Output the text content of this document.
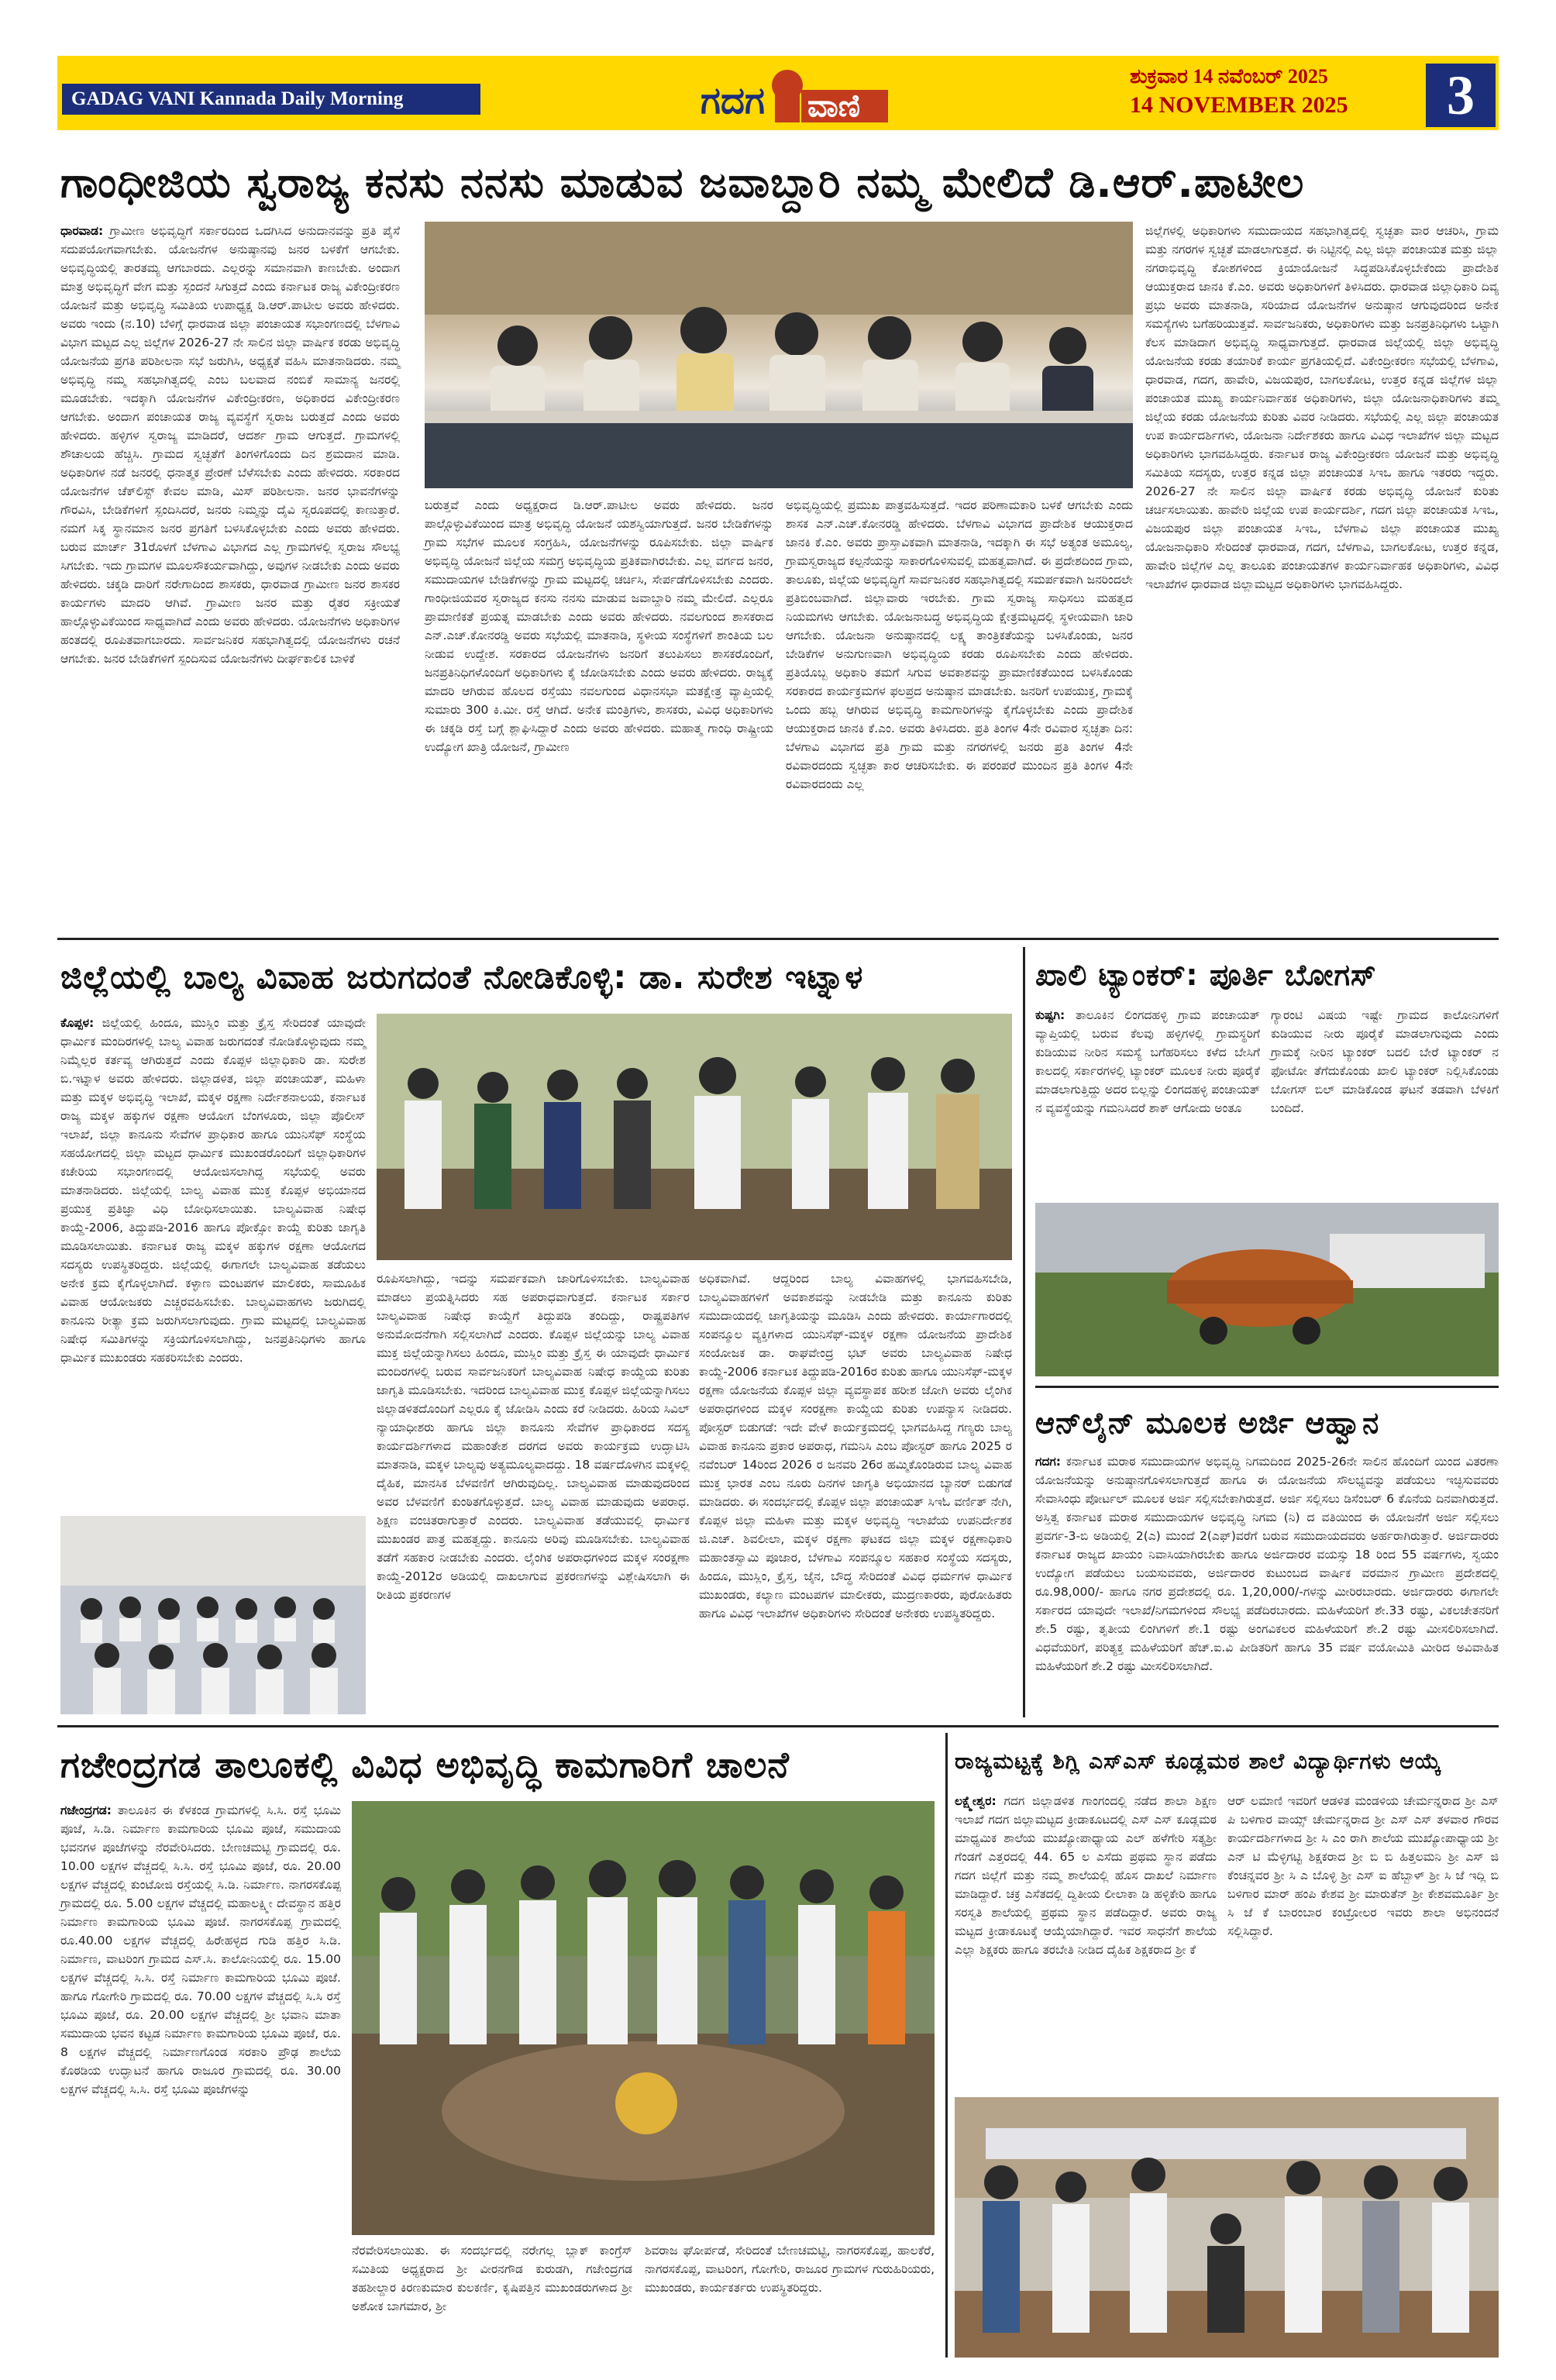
GADAG VANI Kannada Daily Morning	ಗದಗ ವಾಣಿ
ಶುಕ್ರವಾರ 14 ನವೆಂಬರ್ 2025
14 NOVEMBER 2025	3
ಗಾಂಧೀಜಿಯ ಸ್ವರಾಜ್ಯ ಕನಸು ನನಸು ಮಾಡುವ ಜವಾಬ್ದಾರಿ ನಮ್ಮ ಮೇಲಿದೆ ಡಿ.ಆರ್.ಪಾಟೀಲ
ಧಾರವಾಡ: ಗ್ರಾಮೀಣ ಅಭಿವೃದ್ಧಿಗೆ ಸರ್ಕಾರದಿಂದ ಒದಗಿಸಿದ ಅನುದಾನವನ್ನು ಪ್ರತಿ ಪೈಸೆ ಸದುಪಯೋಗವಾಗಬೇಕು. ಯೋಜನೆಗಳ ಅನುಷ್ಠಾನವು ಜನರ ಬಳಕೆಗೆ ಆಗಬೇಕು. ಅಭಿವೃದ್ಧಿಯಲ್ಲಿ ತಾರತಮ್ಯ ಆಗಬಾರದು. ಎಲ್ಲರನ್ನು ಸಮಾನವಾಗಿ ಕಾಣಬೇಕು. ಅಂದಾಗ ಮಾತ್ರ ಅಭಿವೃದ್ಧಿಗೆ ವೇಗ ಮತ್ತು ಸ್ಪಂದನೆ ಸಿಗುತ್ತದೆ ಎಂದು ಕರ್ನಾಟಕ ರಾಜ್ಯ ವಿಕೇಂದ್ರೀಕರಣ ಯೋಜನೆ ಮತ್ತು ಅಭಿವೃದ್ಧಿ ಸಮಿತಿಯ ಉಪಾಧ್ಯಕ್ಷ ಡಿ.ಆರ್.ಪಾಟೀಲ ಅವರು ಹೇಳಿದರು. ಅವರು ಇಂದು (ನ.10) ಬೆಳಿಗ್ಗೆ ಧಾರವಾಡ ಜಿಲ್ಲಾ ಪಂಚಾಯತ ಸಭಾಂಗಣದಲ್ಲಿ ಬೆಳಗಾವಿ ವಿಭಾಗ ಮಟ್ಟದ ಎಲ್ಲ ಜಿಲ್ಲೆಗಳ 2026-27 ನೇ ಸಾಲಿನ ಜಿಲ್ಲಾ ವಾರ್ಷಿಕ ಕರಡು ಅಭಿವೃದ್ಧಿ ಯೋಜನೆಯ ಪ್ರಗತಿ ಪರಿಶೀಲನಾ ಸಭೆ ಜರುಗಿಸಿ, ಅಧ್ಯಕ್ಷತೆ ವಹಿಸಿ ಮಾತನಾಡಿದರು. ನಮ್ಮ ಅಭಿವೃದ್ಧಿ ನಮ್ಮ ಸಹಭಾಗಿತ್ವದಲ್ಲಿ ಎಂಬ ಬಲವಾದ ನಂಬಿಕೆ ಸಾಮಾನ್ಯ ಜನರಲ್ಲಿ ಮೂಡಬೇಕು. ಇದಕ್ಕಾಗಿ ಯೋಜನೆಗಳ ವಿಕೇಂದ್ರೀಕರಣ, ಅಧಿಕಾರದ ವಿಕೇಂದ್ರೀಕರಣ ಆಗಬೇಕು. ಅಂದಾಗ ಪಂಚಾಯತ ರಾಜ್ಯ ವ್ಯವಸ್ಥೆಗೆ ಸ್ವರಾಜ ಬರುತ್ತದೆ ಎಂದು ಅವರು ಹೇಳಿದರು. ಹಳ್ಳಿಗಳ ಸ್ವರಾಜ್ಯ ಮಾಡಿದರೆ, ಆದರ್ಶ ಗ್ರಾಮ ಆಗುತ್ತದೆ. ಗ್ರಾಮಗಳಲ್ಲಿ ಶೌಚಾಲಯ ಹೆಚ್ಚಿಸಿ. ಗ್ರಾಮದ ಸ್ವಚ್ಛತೆಗೆ ತಿಂಗಳಿಗೊಂದು ದಿನ ಶ್ರಮದಾನ ಮಾಡಿ. ಅಧಿಕಾರಿಗಳ ನಡೆ ಜನರಲ್ಲಿ ಧನಾತ್ಮಕ ಪ್ರೇರಣೆ ಬೆಳೆಸಬೇಕು ಎಂದು ಹೇಳಿದರು. ಸರಕಾರದ ಯೋಜನೆಗಳ ಚೆಕ್‌ಲಿಸ್ಟ್ ಕೇವಲ ಮಾಡಿ, ಮಿಸ್ ಪರಿಶೀಲನಾ. ಜನರ ಭಾವನೆಗಳನ್ನು ಗೌರವಿಸಿ, ಬೇಡಿಕೆಗಳಿಗೆ ಸ್ಪಂದಿಸಿದರೆ, ಜನರು ನಿಮ್ಮನ್ನು ದೈವಿ ಸ್ವರೂಪದಲ್ಲಿ ಕಾಣುತ್ತಾರೆ. ನಮಗೆ ಸಿಕ್ಕ ಸ್ಥಾನಮಾನ ಜನರ ಪ್ರಗತಿಗೆ ಬಳಸಿಕೊಳ್ಳಬೇಕು ಎಂದು ಅವರು ಹೇಳಿದರು. ಬರುವ ಮಾರ್ಚ್ 31ರೊಳಗೆ ಬೆಳಗಾವಿ ವಿಭಾಗದ ಎಲ್ಲ ಗ್ರಾಮಗಳಲ್ಲಿ ಸ್ವರಾಜ ಸೌಲಭ್ಯ ಸಿಗಬೇಕು. ಇದು ಗ್ರಾಮಗಳ ಮೂಲಸೌಕರ್ಯವಾಗಿದ್ದು, ಅವುಗಳ ನೀಡಬೇಕು ಎಂದು ಅವರು ಹೇಳಿದರು. ಚಕ್ಕಡಿ ದಾರಿಗೆ ನರೇಗಾದಿಂದ ಶಾಸಕರು, ಧಾರವಾಡ ಗ್ರಾಮೀಣ ಜನರ ಶಾಸಕರ ಕಾರ್ಯಗಳು ಮಾದರಿ ಆಗಿವೆ. ಗ್ರಾಮೀಣ ಜನರ ಮತ್ತು ರೈತರ ಸಕ್ರೀಯತೆ ಹಾಲ್ಗೊಳ್ಳುವಿಕೆಯಿಂದ ಸಾಧ್ಯವಾಗಿದೆ ಎಂದು ಅವರು ಹೇಳಿದರು. ಯೋಜನೆಗಳು ಅಧಿಕಾರಿಗಳ ಹಂತದಲ್ಲಿ ರೂಪಿತವಾಗಬಾರದು. ಸಾರ್ವಜನಿಕರ ಸಹಭಾಗಿತ್ವದಲ್ಲಿ ಯೋಜನೆಗಳು ರಚನೆ ಆಗಬೇಕು. ಜನರ ಬೇಡಿಕೆಗಳಿಗೆ ಸ್ಪಂದಿಸುವ ಯೋಜನೆಗಳು ದೀರ್ಘಕಾಲಿಕ ಬಾಳಿಕೆ
ಬರುತ್ತವೆ ಎಂದು ಅಧ್ಯಕ್ಷರಾದ ಡಿ.ಆರ್.ಪಾಟೀಲ ಅವರು ಹೇಳಿದರು. ಜನರ ಪಾಲ್ಗೊಳ್ಳುವಿಕೆಯಿಂದ ಮಾತ್ರ ಅಭಿವೃದ್ಧಿ ಯೋಜನೆ ಯಶಸ್ವಿಯಾಗುತ್ತದೆ. ಜನರ ಬೇಡಿಕೆಗಳನ್ನು ಗ್ರಾಮ ಸಭೆಗಳ ಮೂಲಕ ಸಂಗ್ರಹಿಸಿ, ಯೋಜನೆಗಳನ್ನು ರೂಪಿಸಬೇಕು. ಜಿಲ್ಲಾ ವಾರ್ಷಿಕ ಅಭಿವೃದ್ಧಿ ಯೋಜನೆ ಜಿಲ್ಲೆಯ ಸಮಗ್ರ ಅಭಿವೃದ್ಧಿಯ ಪ್ರತಿಕವಾಗಿರಬೇಕು. ಎಲ್ಲ ವರ್ಗದ ಜನರ, ಸಮುದಾಯಗಳ ಬೇಡಿಕೆಗಳನ್ನು ಗ್ರಾಮ ಮಟ್ಟದಲ್ಲಿ ಚರ್ಚಿಸಿ, ಸೇರ್ಪಡೆಗೊಳಿಸಬೇಕು ಎಂದರು. ಗಾಂಧೀಜಿಯವರ ಸ್ವರಾಜ್ಯದ ಕನಸು ನನಸು ಮಾಡುವ ಜವಾಬ್ದಾರಿ ನಮ್ಮ ಮೇಲಿದೆ. ಎಲ್ಲರೂ ಪ್ರಾಮಾಣಿಕತೆ ಪ್ರಯತ್ನ ಮಾಡಬೇಕು ಎಂದು ಅವರು ಹೇಳಿದರು. ನವಲಗುಂದ ಶಾಸಕರಾದ ಎನ್.ಎಚ್.ಕೋನರಡ್ಡಿ ಅವರು ಸಭೆಯಲ್ಲಿ ಮಾತನಾಡಿ, ಸ್ಥಳೀಯ ಸಂಸ್ಥೆಗಳಿಗೆ ಶಾಂತಿಯ ಬಲ ನೀಡುವ ಉದ್ದೇಶ. ಸರಕಾರದ ಯೋಜನೆಗಳು ಜನರಿಗೆ ತಲುಪಿಸಲು ಶಾಸಕರೊಂದಿಗೆ, ಜನಪ್ರತಿನಿಧಿಗಳೊಂದಿಗೆ ಅಧಿಕಾರಿಗಳು ಕೈ ಜೋಡಿಸಬೇಕು ಎಂದು ಅವರು ಹೇಳಿದರು. ರಾಜ್ಯಕ್ಕೆ ಮಾದರಿ ಆಗಿರುವ ಹೊಲದ ರಸ್ತೆಯು ನವಲಗುಂದ ವಿಧಾನಸಭಾ ಮತಕ್ಷೇತ್ರ ವ್ಯಾಪ್ತಿಯಲ್ಲಿ ಸುಮಾರು 300 ಕಿ.ಮೀ. ರಸ್ತೆ ಆಗಿದೆ. ಅನೇಕ ಮಂತ್ರಿಗಳು, ಶಾಸಕರು, ವಿವಿಧ ಅಧಿಕಾರಿಗಳು ಈ ಚಕ್ಕಡಿ ರಸ್ತೆ ಬಗ್ಗೆ ಶ್ಲಾಘಿಸಿದ್ದಾರೆ ಎಂದು ಅವರು ಹೇಳಿದರು. ಮಹಾತ್ಮ ಗಾಂಧಿ ರಾಷ್ಟ್ರೀಯ ಉದ್ಯೋಗ ಖಾತ್ರಿ ಯೋಜನೆ, ಗ್ರಾಮೀಣ
ಅಭಿವೃದ್ಧಿಯಲ್ಲಿ ಪ್ರಮುಖ ಪಾತ್ರವಹಿಸುತ್ತದೆ. ಇದರ ಪರಿಣಾಮಕಾರಿ ಬಳಕೆ ಆಗಬೇಕು ಎಂದು ಶಾಸಕ ಎನ್.ಎಚ್.ಕೋನರಡ್ಡಿ ಹೇಳಿದರು. ಬೆಳಗಾವಿ ವಿಭಾಗದ ಪ್ರಾದೇಶಿಕ ಆಯುಕ್ತರಾದ ಜಾನಕಿ ಕೆ.ಎಂ. ಅವರು ಪ್ರಾಸ್ತಾವಿಕವಾಗಿ ಮಾತನಾಡಿ, ಇದಕ್ಕಾಗಿ ಈ ಸಭೆ ಅತ್ಯಂತ ಅಮೂಲ್ಯ, ಗ್ರಾಮಸ್ವರಾಜ್ಯದ ಕಲ್ಪನೆಯನ್ನು ಸಾಕಾರಗೊಳಿಸುವಲ್ಲಿ ಮಹತ್ವವಾಗಿದೆ. ಈ ಪ್ರದೇಶದಿಂದ ಗ್ರಾಮ, ತಾಲೂಕು, ಜಿಲ್ಲೆಯ ಅಭಿವೃದ್ಧಿಗೆ ಸಾರ್ವಜನಿಕರ ಸಹಭಾಗಿತ್ವದಲ್ಲಿ ಸಮರ್ಪಕವಾಗಿ ಜನರಿಂದಲೇ ಪ್ರತಿಬಿಂಬವಾಗಿದೆ. ಜಿಲ್ಲಾವಾರು ಇರಬೇಕು. ಗ್ರಾಮ ಸ್ವರಾಜ್ಯ ಸಾಧಿಸಲು ಮಹತ್ವದ ನಿಯಮಗಳು ಆಗಬೇಕು. ಯೋಜನಾಬದ್ಧ ಅಭಿವೃದ್ಧಿಯ ಕ್ಷೇತ್ರಮಟ್ಟದಲ್ಲಿ ಸ್ಥಳೀಯವಾಗಿ ಜಾರಿ ಆಗಬೇಕು. ಯೋಜನಾ ಅನುಷ್ಠಾನದಲ್ಲಿ ಲಕ್ಷ್ಯ ತಾಂತ್ರಿಕತೆಯನ್ನು ಬಳಸಿಕೊಂಡು, ಜನರ ಬೇಡಿಕೆಗಳ ಅನುಗುಣವಾಗಿ ಅಭಿವೃದ್ಧಿಯ ಕರಡು ರೂಪಿಸಬೇಕು ಎಂದು ಹೇಳಿದರು. ಪ್ರತಿಯೊಬ್ಬ ಅಧಿಕಾರಿ ತಮಗೆ ಸಿಗುವ ಅವಕಾಶವನ್ನು ಪ್ರಾಮಾಣಿಕತೆಯಿಂದ ಬಳಸಿಕೊಂಡು ಸರಕಾರದ ಕಾರ್ಯಕ್ರಮಗಳ ಫಲಪ್ರದ ಅನುಷ್ಠಾನ ಮಾಡಬೇಕು. ಜನರಿಗೆ ಉಪಯುಕ್ತ, ಗ್ರಾಮಕ್ಕೆ ಒಂದು ಹಬ್ಬ ಆಗಿರುವ ಅಭಿವೃದ್ಧಿ ಕಾಮಗಾರಿಗಳನ್ನು ಕೈಗೊಳ್ಳಬೇಕು ಎಂದು ಪ್ರಾದೇಶಿಕ ಆಯುಕ್ತರಾದ ಜಾನಕಿ ಕೆ.ಎಂ. ಅವರು ತಿಳಿಸಿದರು. ಪ್ರತಿ ತಿಂಗಳ 4ನೇ ರವಿವಾರ ಸ್ವಚ್ಛತಾ ದಿನ: ಬೆಳಗಾವಿ ವಿಭಾಗದ ಪ್ರತಿ ಗ್ರಾಮ ಮತ್ತು ನಗರಗಳಲ್ಲಿ ಜನರು ಪ್ರತಿ ತಿಂಗಳ 4ನೇ ರವಿವಾರದಂದು ಸ್ವಚ್ಛತಾ ಕಾರ ಆಚರಿಸಬೇಕು. ಈ ಪರಂಪರೆ ಮುಂದಿನ ಪ್ರತಿ ತಿಂಗಳ 4ನೇ ರವಿವಾರದಂದು ಎಲ್ಲ
ಜಿಲ್ಲೆಗಳಲ್ಲಿ ಅಧಿಕಾರಿಗಳು ಸಮುದಾಯದ ಸಹಭಾಗಿತ್ವದಲ್ಲಿ ಸ್ವಚ್ಛತಾ ವಾರ ಆಚರಿಸಿ, ಗ್ರಾಮ ಮತ್ತು ನಗರಗಳ ಸ್ವಚ್ಛತೆ ಮಾಡಲಾಗುತ್ತದೆ. ಈ ನಿಟ್ಟಿನಲ್ಲಿ ಎಲ್ಲ ಜಿಲ್ಲಾ ಪಂಚಾಯತ ಮತ್ತು ಜಿಲ್ಲಾ ನಗರಾಭಿವೃದ್ಧಿ ಕೋಶಗಳಿಂದ ಕ್ರಿಯಾಯೋಜನೆ ಸಿದ್ಧಪಡಿಸಿಕೊಳ್ಳಬೇಕೆಂದು ಪ್ರಾದೇಶಿಕ ಆಯುಕ್ತರಾದ ಜಾನಕಿ ಕೆ.ಎಂ. ಅವರು ಅಧಿಕಾರಿಗಳಿಗೆ ತಿಳಿಸಿದರು. ಧಾರವಾಡ ಜಿಲ್ಲಾಧಿಕಾರಿ ದಿವ್ಯ ಪ್ರಭು ಅವರು ಮಾತನಾಡಿ, ಸರಿಯಾದ ಯೋಜನೆಗಳ ಅನುಷ್ಠಾನ ಆಗುವುದರಿಂದ ಅನೇಕ ಸಮಸ್ಯೆಗಳು ಬಗೆಹರಿಯುತ್ತವೆ. ಸಾರ್ವಜನಿಕರು, ಅಧಿಕಾರಿಗಳು ಮತ್ತು ಜನಪ್ರತಿನಿಧಿಗಳು ಒಟ್ಟಾಗಿ ಕೆಲಸ ಮಾಡಿದಾಗ ಅಭಿವೃದ್ಧಿ ಸಾಧ್ಯವಾಗುತ್ತದೆ. ಧಾರವಾಡ ಜಿಲ್ಲೆಯಲ್ಲಿ ಜಿಲ್ಲಾ ಅಭಿವೃದ್ಧಿ ಯೋಜನೆಯ ಕರಡು ತಯಾರಿಕೆ ಕಾರ್ಯ ಪ್ರಗತಿಯಲ್ಲಿದೆ. ವಿಕೇಂದ್ರೀಕರಣ ಸಭೆಯಲ್ಲಿ ಬೆಳಗಾವಿ, ಧಾರವಾಡ, ಗದಗ, ಹಾವೇರಿ, ವಿಜಯಪುರ, ಬಾಗಲಕೋಟ, ಉತ್ತರ ಕನ್ನಡ ಜಿಲ್ಲೆಗಳ ಜಿಲ್ಲಾ ಪಂಚಾಯತ ಮುಖ್ಯ ಕಾರ್ಯನಿರ್ವಾಹಕ ಅಧಿಕಾರಿಗಳು, ಜಿಲ್ಲಾ ಯೋಜನಾಧಿಕಾರಿಗಳು ತಮ್ಮ ಜಿಲ್ಲೆಯ ಕರಡು ಯೋಜನೆಯ ಕುರಿತು ವಿವರ ನೀಡಿದರು. ಸಭೆಯಲ್ಲಿ ಎಲ್ಲ ಜಿಲ್ಲಾ ಪಂಚಾಯತ ಉಪ ಕಾರ್ಯದರ್ಶಿಗಳು, ಯೋಜನಾ ನಿರ್ದೇಶಕರು ಹಾಗೂ ವಿವಿಧ ಇಲಾಖೆಗಳ ಜಿಲ್ಲಾ ಮಟ್ಟದ ಅಧಿಕಾರಿಗಳು ಭಾಗವಹಿಸಿದ್ದರು. ಕರ್ನಾಟಕ ರಾಜ್ಯ ವಿಕೇಂದ್ರೀಕರಣ ಯೋಜನೆ ಮತ್ತು ಅಭಿವೃದ್ಧಿ ಸಮಿತಿಯ ಸದಸ್ಯರು, ಉತ್ತರ ಕನ್ನಡ ಜಿಲ್ಲಾ ಪಂಚಾಯತ ಸಿಇಒ ಹಾಗೂ ಇತರರು ಇದ್ದರು. 2026-27 ನೇ ಸಾಲಿನ ಜಿಲ್ಲಾ ವಾರ್ಷಿಕ ಕರಡು ಅಭಿವೃದ್ಧಿ ಯೋಜನೆ ಕುರಿತು ಚರ್ಚಿಸಲಾಯಿತು. ಹಾವೇರಿ ಜಿಲ್ಲೆಯ ಉಪ ಕಾರ್ಯದರ್ಶಿ, ಗದಗ ಜಿಲ್ಲಾ ಪಂಚಾಯತ ಸಿಇಒ, ವಿಜಯಪುರ ಜಿಲ್ಲಾ ಪಂಚಾಯತ ಸಿಇಒ, ಬೆಳಗಾವಿ ಜಿಲ್ಲಾ ಪಂಚಾಯತ ಮುಖ್ಯ ಯೋಜನಾಧಿಕಾರಿ ಸೇರಿದಂತೆ ಧಾರವಾಡ, ಗದಗ, ಬೆಳಗಾವಿ, ಬಾಗಲಕೋಟ, ಉತ್ತರ ಕನ್ನಡ, ಹಾವೇರಿ ಜಿಲ್ಲೆಗಳ ಎಲ್ಲ ತಾಲೂಕು ಪಂಚಾಯತಗಳ ಕಾರ್ಯನಿರ್ವಾಹಕ ಅಧಿಕಾರಿಗಳು, ವಿವಿಧ ಇಲಾಖೆಗಳ ಧಾರವಾಡ ಜಿಲ್ಲಾಮಟ್ಟದ ಅಧಿಕಾರಿಗಳು ಭಾಗವಹಿಸಿದ್ದರು.
ಜಿಲ್ಲೆಯಲ್ಲಿ ಬಾಲ್ಯ ವಿವಾಹ ಜರುಗದಂತೆ ನೋಡಿಕೊಳ್ಳಿ: ಡಾ. ಸುರೇಶ ಇಟ್ನಾಳ
ಕೊಪ್ಪಳ: ಜಿಲ್ಲೆಯಲ್ಲಿ ಹಿಂದೂ, ಮುಸ್ಲಿಂ ಮತ್ತು ಕ್ರೈಸ್ತ ಸೇರಿದಂತೆ ಯಾವುದೇ ಧಾರ್ಮಿಕ ಮಂದಿರಗಳಲ್ಲಿ ಬಾಲ್ಯ ವಿವಾಹ ಜರುಗದಂತೆ ನೋಡಿಕೊಳ್ಳುವುದು ನಮ್ಮ ನಿಮ್ಮೆಲ್ಲರ ಕರ್ತವ್ಯ ಆಗಿರುತ್ತದೆ ಎಂದು ಕೊಪ್ಪಳ ಜಿಲ್ಲಾಧಿಕಾರಿ ಡಾ. ಸುರೇಶ ಬಿ.ಇಟ್ನಾಳ ಅವರು ಹೇಳಿದರು. ಜಿಲ್ಲಾಡಳಿತ, ಜಿಲ್ಲಾ ಪಂಚಾಯತ್, ಮಹಿಳಾ ಮತ್ತು ಮಕ್ಕಳ ಅಭಿವೃದ್ಧಿ ಇಲಾಖೆ, ಮಕ್ಕಳ ರಕ್ಷಣಾ ನಿರ್ದೇಶನಾಲಯ, ಕರ್ನಾಟಕ ರಾಜ್ಯ ಮಕ್ಕಳ ಹಕ್ಕುಗಳ ರಕ್ಷಣಾ ಆಯೋಗ ಬೆಂಗಳೂರು, ಜಿಲ್ಲಾ ಪೊಲೀಸ್ ಇಲಾಖೆ, ಜಿಲ್ಲಾ ಕಾನೂನು ಸೇವೆಗಳ ಪ್ರಾಧಿಕಾರ ಹಾಗೂ ಯುನಿಸೆಫ್ ಸಂಸ್ಥೆಯ ಸಹಯೋಗದಲ್ಲಿ ಜಿಲ್ಲಾ ಮಟ್ಟದ ಧಾರ್ಮಿಕ ಮುಖಂಡರೊಂದಿಗೆ ಜಿಲ್ಲಾಧಿಕಾರಿಗಳ ಕಚೇರಿಯ ಸಭಾಂಗಣದಲ್ಲಿ ಆಯೋಜಿಸಲಾಗಿದ್ದ ಸಭೆಯಲ್ಲಿ ಅವರು ಮಾತನಾಡಿದರು. ಜಿಲ್ಲೆಯಲ್ಲಿ ಬಾಲ್ಯ ವಿವಾಹ ಮುಕ್ತ ಕೊಪ್ಪಳ ಅಭಿಯಾನದ ಪ್ರಯುಕ್ತ ಪ್ರತಿಜ್ಞಾ ವಿಧಿ ಬೋಧಿಸಲಾಯಿತು. ಬಾಲ್ಯವಿವಾಹ ನಿಷೇಧ ಕಾಯ್ದೆ-2006, ತಿದ್ದುಪಡಿ-2016 ಹಾಗೂ ಪೋಕ್ಸೋ ಕಾಯ್ದೆ ಕುರಿತು ಜಾಗೃತಿ ಮೂಡಿಸಲಾಯಿತು. ಕರ್ನಾಟಕ ರಾಜ್ಯ ಮಕ್ಕಳ ಹಕ್ಕುಗಳ ರಕ್ಷಣಾ ಆಯೋಗದ ಸದಸ್ಯರು ಉಪಸ್ಥಿತರಿದ್ದರು. ಜಿಲ್ಲೆಯಲ್ಲಿ ಈಗಾಗಲೇ ಬಾಲ್ಯವಿವಾಹ ತಡೆಯಲು ಅನೇಕ ಕ್ರಮ ಕೈಗೊಳ್ಳಲಾಗಿದೆ. ಕಳ್ಳಾಣ ಮಂಟಪಗಳ ಮಾಲಿಕರು, ಸಾಮೂಹಿಕ ವಿವಾಹ ಆಯೋಜಕರು ಎಚ್ಚರವಹಿಸಬೇಕು. ಬಾಲ್ಯವಿವಾಹಗಳು ಜರುಗಿದಲ್ಲಿ ಕಾನೂನು ರೀತ್ಯಾ ಕ್ರಮ ಜರುಗಿಸಲಾಗುವುದು. ಗ್ರಾಮ ಮಟ್ಟದಲ್ಲಿ ಬಾಲ್ಯವಿವಾಹ ನಿಷೇಧ ಸಮಿತಿಗಳನ್ನು ಸಕ್ರಿಯಗೊಳಿಸಲಾಗಿದ್ದು, ಜನಪ್ರತಿನಿಧಿಗಳು ಹಾಗೂ ಧಾರ್ಮಿಕ ಮುಖಂಡರು ಸಹಕರಿಸಬೇಕು ಎಂದರು.
ರೂಪಿಸಲಾಗಿದ್ದು, ಇದನ್ನು ಸಮರ್ಪಕವಾಗಿ ಜಾರಿಗೊಳಿಸಬೇಕು. ಬಾಲ್ಯವಿವಾಹ ಮಾಡಲು ಪ್ರಯತ್ನಿಸಿದರು ಸಹ ಅಪರಾಧವಾಗುತ್ತದೆ. ಕರ್ನಾಟಕ ಸರ್ಕಾರ ಬಾಲ್ಯವಿವಾಹ ನಿಷೇಧ ಕಾಯ್ದೆಗೆ ತಿದ್ದುಪಡಿ ತಂದಿದ್ದು, ರಾಷ್ಟ್ರಪತಿಗಳ ಅನುಮೋದನೆಗಾಗಿ ಸಲ್ಲಿಸಲಾಗಿದೆ ಎಂದರು. ಕೊಪ್ಪಳ ಜಿಲ್ಲೆಯನ್ನು ಬಾಲ್ಯ ವಿವಾಹ ಮುಕ್ತ ಜಿಲ್ಲೆಯನ್ನಾಗಿಸಲು ಹಿಂದೂ, ಮುಸ್ಲಿಂ ಮತ್ತು ಕ್ರೈಸ್ತ ಈ ಯಾವುದೇ ಧಾರ್ಮಿಕ ಮಂದಿರಗಳಲ್ಲಿ ಬರುವ ಸಾರ್ವಜನಿಕರಿಗೆ ಬಾಲ್ಯವಿವಾಹ ನಿಷೇಧ ಕಾಯ್ದೆಯ ಕುರಿತು ಜಾಗೃತಿ ಮೂಡಿಸಬೇಕು. ಇದರಿಂದ ಬಾಲ್ಯವಿವಾಹ ಮುಕ್ತ ಕೊಪ್ಪಳ ಜಿಲ್ಲೆಯನ್ನಾಗಿಸಲು ಜಿಲ್ಲಾಡಳಿತದೊಂದಿಗೆ ಎಲ್ಲರೂ ಕೈ ಜೋಡಿಸಿ ಎಂದು ಕರೆ ನೀಡಿದರು. ಹಿರಿಯ ಸಿವಿಲ್ ನ್ಯಾಯಾಧೀಶರು ಹಾಗೂ ಜಿಲ್ಲಾ ಕಾನೂನು ಸೇವೆಗಳ ಪ್ರಾಧಿಕಾರದ ಸದಸ್ಯ ಕಾರ್ಯದರ್ಶಿಗಳಾದ ಮಹಾಂತೇಶ ದರಗದ ಅವರು ಕಾರ್ಯಕ್ರಮ ಉದ್ಘಾಟಿಸಿ ಮಾತನಾಡಿ, ಮಕ್ಕಳ ಬಾಲ್ಯವು ಅತ್ಯಮೂಲ್ಯವಾದದ್ದು. 18 ವರ್ಷದೊಳಗಿನ ಮಕ್ಕಳಲ್ಲಿ ದೈಹಿಕ, ಮಾನಸಿಕ ಬೆಳವಣಿಗೆ ಆಗಿರುವುದಿಲ್ಲ. ಬಾಲ್ಯವಿವಾಹ ಮಾಡುವುದರಿಂದ ಅವರ ಬೆಳವಣಿಗೆ ಕುಂಠಿತಗೊಳ್ಳುತ್ತದೆ. ಬಾಲ್ಯ ವಿವಾಹ ಮಾಡುವುದು ಅಪರಾಧ. ಶಿಕ್ಷಣ ವಂಚಿತರಾಗುತ್ತಾರೆ ಎಂದರು. ಬಾಲ್ಯವಿವಾಹ ತಡೆಯುವಲ್ಲಿ ಧಾರ್ಮಿಕ ಮುಖಂಡರ ಪಾತ್ರ ಮಹತ್ವದ್ದು. ಕಾನೂನು ಅರಿವು ಮೂಡಿಸಬೇಕು. ಬಾಲ್ಯವಿವಾಹ ತಡೆಗೆ ಸಹಕಾರ ನೀಡಬೇಕು ಎಂದರು. ಲೈಂಗಿಕ ಅಪರಾಧಗಳಿಂದ ಮಕ್ಕಳ ಸಂರಕ್ಷಣಾ ಕಾಯ್ದೆ-2012ರ ಅಡಿಯಲ್ಲಿ ದಾಖಲಾಗುವ ಪ್ರಕರಣಗಳನ್ನು ವಿಶ್ಲೇಷಿಸಲಾಗಿ ಈ ರೀತಿಯ ಪ್ರಕರಣಗಳ
ಅಧಿಕವಾಗಿವೆ. ಆದ್ದರಿಂದ ಬಾಲ್ಯ ವಿವಾಹಗಳಲ್ಲಿ ಭಾಗವಹಿಸಬೇಡಿ, ಬಾಲ್ಯವಿವಾಹಗಳಿಗೆ ಅವಕಾಶವನ್ನು ನೀಡಬೇಡಿ ಮತ್ತು ಕಾನೂನು ಕುರಿತು ಸಮುದಾಯದಲ್ಲಿ ಜಾಗೃತಿಯನ್ನು ಮೂಡಿಸಿ ಎಂದು ಹೇಳಿದರು. ಕಾರ್ಯಾಗಾರದಲ್ಲಿ ಸಂಪನ್ಮೂಲ ವ್ಯಕ್ತಿಗಳಾದ ಯುನಿಸೆಫ್-ಮಕ್ಕಳ ರಕ್ಷಣಾ ಯೋಜನೆಯ ಪ್ರಾದೇಶಿಕ ಸಂಯೋಜಕ ಡಾ. ರಾಘವೇಂದ್ರ ಭಟ್ ಅವರು ಬಾಲ್ಯವಿವಾಹ ನಿಷೇಧ ಕಾಯ್ದೆ-2006 ಕರ್ನಾಟಕ ತಿದ್ದುಪಡಿ-2016ರ ಕುರಿತು ಹಾಗೂ ಯುನಿಸೆಫ್-ಮಕ್ಕಳ ರಕ್ಷಣಾ ಯೋಜನೆಯ ಕೊಪ್ಪಳ ಜಿಲ್ಲಾ ವ್ಯವಸ್ಥಾಪಕ ಹರೀಶ ಜೋಗಿ ಅವರು ಲೈಂಗಿಕ ಅಪರಾಧಗಳಿಂದ ಮಕ್ಕಳ ಸಂರಕ್ಷಣಾ ಕಾಯ್ದೆಯ ಕುರಿತು ಉಪನ್ಯಾಸ ನೀಡಿದರು. ಪೋಸ್ಟರ್ ಬಿಡುಗಡೆ: ಇದೇ ವೇಳೆ ಕಾರ್ಯಕ್ರಮದಲ್ಲಿ ಭಾಗವಹಿಸಿದ್ದ ಗಣ್ಯರು ಬಾಲ್ಯ ವಿವಾಹ ಕಾನೂನು ಪ್ರಕಾರ ಅಪರಾಧ, ಗಮನಿಸಿ ಎಂಬ ಪೋಸ್ಟರ್ ಹಾಗೂ 2025 ರ ನವೆಂಬರ್ 14ರಿಂದ 2026 ರ ಜನವರಿ 26ರ ಹಮ್ಮಿಕೊಂಡಿರುವ ಬಾಲ್ಯ ವಿವಾಹ ಮುಕ್ತ ಭಾರತ ಎಂಬ ನೂರು ದಿನಗಳ ಜಾಗೃತಿ ಅಭಿಯಾನದ ಬ್ಯಾನರ್ ಬಿಡುಗಡೆ ಮಾಡಿದರು. ಈ ಸಂದರ್ಭದಲ್ಲಿ ಕೊಪ್ಪಳ ಜಿಲ್ಲಾ ಪಂಚಾಯತ್ ಸಿಇಓ ವರ್ಣಿತ್ ನೇಗಿ, ಕೊಪ್ಪಳ ಜಿಲ್ಲಾ ಮಹಿಳಾ ಮತ್ತು ಮಕ್ಕಳ ಅಭಿವೃದ್ಧಿ ಇಲಾಖೆಯ ಉಪನಿರ್ದೇಶಕ ಜಿ.ಎಚ್. ಶಿವಲೀಲಾ, ಮಕ್ಕಳ ರಕ್ಷಣಾ ಘಟಕದ ಜಿಲ್ಲಾ ಮಕ್ಕಳ ರಕ್ಷಣಾಧಿಕಾರಿ ಮಹಾಂತಸ್ವಾಮಿ ಪೂಜಾರ, ಬೆಳಗಾವಿ ಸಂಪನ್ಮೂಲ ಸಹಕಾರ ಸಂಸ್ಥೆಯ ಸದಸ್ಯರು, ಹಿಂದೂ, ಮುಸ್ಲಿಂ, ಕ್ರೈಸ್ತ, ಜೈನ, ಬೌದ್ಧ ಸೇರಿದಂತೆ ವಿವಿಧ ಧರ್ಮಗಳ ಧಾರ್ಮಿಕ ಮುಖಂಡರು, ಕಲ್ಯಾಣ ಮಂಟಪಗಳ ಮಾಲೀಕರು, ಮುದ್ರಣಕಾರರು, ಪುರೋಹಿತರು ಹಾಗೂ ವಿವಿಧ ಇಲಾಖೆಗಳ ಅಧಿಕಾರಿಗಳು ಸೇರಿದಂತೆ ಅನೇಕರು ಉಪಸ್ಥಿತರಿದ್ದರು.
ಖಾಲಿ ಟ್ಯಾಂಕರ್: ಪೂರ್ತಿ ಬೋಗಸ್
ಕುಷ್ಟಗಿ: ತಾಲೂಕಿನ ಲಿಂಗದಹಳ್ಳಿ ಗ್ರಾಮ ಪಂಚಾಯತ್ ವ್ಯಾಪ್ತಿಯಲ್ಲಿ ಬರುವ ಕೆಲವು ಹಳ್ಳಿಗಳಲ್ಲಿ ಗ್ರಾಮಸ್ಥರಿಗೆ ಕುಡಿಯುವ ನೀರಿನ ಸಮಸ್ಯೆ ಬಗೆಹರಿಸಲು ಕಳೆದ ಬೇಸಿಗೆ ಕಾಲದಲ್ಲಿ ಸರ್ಕಾರಗಳಲ್ಲಿ ಟ್ಯಾಂಕರ್ ಮೂಲಕ ನೀರು ಪೂರೈಕೆ ಮಾಡಲಾಗುತ್ತಿದ್ದು ಅದರ ಬಿಲ್ಲನ್ನು ಲಿಂಗದಹಳ್ಳಿ ಪಂಚಾಯತ್ ನ ವ್ಯವಸ್ಥೆಯನ್ನು ಗಮನಿಸಿದರೆ ಶಾಕ್ ಆಗೋದು ಅಂತೂ
ಗ್ಯಾರಂಟಿ ವಿಷಯ ಇಷ್ಟೇ ಗ್ರಾಮದ ಕಾಲೋನಿಗಳಿಗೆ ಕುಡಿಯುವ ನೀರು ಪೂರೈಕೆ ಮಾಡಲಾಗುವುದು ಎಂದು ಗ್ರಾಮಕ್ಕೆ ನೀರಿನ ಟ್ಯಾಂಕರ್ ಬದಲಿ ಬೇರೆ ಟ್ಯಾಂಕರ್ ನ ಫೋಟೋ ತೆಗೆದುಕೊಂಡು ಖಾಲಿ ಟ್ಯಾಂಕರ್ ನಿಲ್ಲಿಸಿಕೊಂಡು ಬೋಗಸ್ ಬಿಲ್ ಮಾಡಿಕೊಂಡ ಘಟನೆ ತಡವಾಗಿ ಬೆಳಕಿಗೆ ಬಂದಿದೆ.
ಆನ್‌ಲೈನ್ ಮೂಲಕ ಅರ್ಜಿ ಆಹ್ವಾನ
ಗದಗ: ಕರ್ನಾಟಕ ಮರಾಠ ಸಮುದಾಯಗಳ ಅಭಿವೃದ್ಧಿ ನಿಗಮದಿಂದ 2025-26ನೇ ಸಾಲಿನ ಹೊಂದಿಗೆ ಯಿಂದ ವಿತರಣಾ ಯೋಜನೆಯನ್ನು ಅನುಷ್ಠಾನಗೊಳಿಸಲಾಗುತ್ತದೆ ಹಾಗೂ ಈ ಯೋಜನೆಯ ಸೌಲಭ್ಯವನ್ನು ಪಡೆಯಲು ಇಚ್ಛಿಸುವವರು ಸೇವಾಸಿಂಧು ಪೋರ್ಟಲ್ ಮೂಲಕ ಅರ್ಜಿ ಸಲ್ಲಿಸಬೇಕಾಗಿರುತ್ತದೆ. ಅರ್ಜಿ ಸಲ್ಲಿಸಲು ಡಿಸೆಂಬರ್ 6 ಕೊನೆಯ ದಿನವಾಗಿರುತ್ತದೆ. ಅಸ್ತಿತ್ವ ಕರ್ನಾಟಕ ಮರಾಠ ಸಮುದಾಯಗಳ ಅಭಿವೃದ್ಧಿ ನಿಗಮ (ನಿ) ದ ವತಿಯಿಂದ ಈ ಯೋಜನೆಗೆ ಅರ್ಜಿ ಸಲ್ಲಿಸಲು ಪ್ರವರ್ಗ-3-ಬಿ ಅಡಿಯಲ್ಲಿ 2(ಎ) ಮುಂದೆ 2(ಎಫ್)ವರೆಗೆ ಬರುವ ಸಮುದಾಯದವರು ಅರ್ಹರಾಗಿರುತ್ತಾರೆ. ಅರ್ಜಿದಾರರು ಕರ್ನಾಟಕ ರಾಜ್ಯದ ಖಾಯಂ ನಿವಾಸಿಯಾಗಿರಬೇಕು ಹಾಗೂ ಅರ್ಜಿದಾರರ ವಯಸ್ಸು 18 ರಿಂದ 55 ವರ್ಷಗಳು, ಸ್ವಯಂ ಉದ್ಯೋಗ ಪಡೆಯಲು ಬಯಸುವವರು, ಅರ್ಜಿದಾರರ ಕುಟುಂಬದ ವಾರ್ಷಿಕ ವರಮಾನ ಗ್ರಾಮೀಣ ಪ್ರದೇಶದಲ್ಲಿ ರೂ.98,000/- ಹಾಗೂ ನಗರ ಪ್ರದೇಶದಲ್ಲಿ ರೂ. 1,20,000/-ಗಳನ್ನು ಮೀರಿರಬಾರದು. ಅರ್ಜಿದಾರರು ಈಗಾಗಲೇ ಸರ್ಕಾರದ ಯಾವುದೇ ಇಲಾಖೆ/ನಿಗಮಗಳಿಂದ ಸೌಲಭ್ಯ ಪಡೆದಿರಬಾರದು. ಮಹಿಳೆಯರಿಗೆ ಶೇ.33 ರಷ್ಟು, ವಿಕಲಚೇತನರಿಗೆ ಶೇ.5 ರಷ್ಟು, ತೃತೀಯ ಲಿಂಗಿಗಳಿಗೆ ಶೇ.1 ರಷ್ಟು ಅಂಗವಿಕಲರ ಮಹಿಳೆಯರಿಗೆ ಶೇ.2 ರಷ್ಟು ಮೀಸಲಿರಿಸಲಾಗಿದೆ. ವಿಧವೆಯರಿಗೆ, ಪರಿತ್ಯಕ್ತ ಮಹಿಳೆಯರಿಗೆ ಹೆಚ್.ಐ.ವಿ ಪೀಡಿತರಿಗೆ ಹಾಗೂ 35 ವರ್ಷ ವಯೋಮಿತಿ ಮೀರಿದ ಅವಿವಾಹಿತ ಮಹಿಳೆಯರಿಗೆ ಶೇ.2 ರಷ್ಟು ಮೀಸಲಿರಿಸಲಾಗಿದೆ.
ಗಜೇಂದ್ರಗಡ ತಾಲೂಕಲ್ಲಿ ವಿವಿಧ ಅಭಿವೃದ್ಧಿ ಕಾಮಗಾರಿಗೆ ಚಾಲನೆ
ಗಜೇಂದ್ರಗಡ: ತಾಲೂಕಿನ ಈ ಕೆಳಕಂಡ ಗ್ರಾಮಗಳಲ್ಲಿ ಸಿ.ಸಿ. ರಸ್ತೆ ಭೂಮಿ ಪೂಜೆ, ಸಿ.ಡಿ. ನಿರ್ಮಾಣ ಕಾಮಗಾರಿಯ ಭೂಮಿ ಪೂಜೆ, ಸಮುದಾಯ ಭವನಗಳ ಪೂಜೆಗಳನ್ನು ನೆರವೇರಿಸಿದರು. ಬೇಣಚಮಟ್ಟಿ ಗ್ರಾಮದಲ್ಲಿ ರೂ. 10.00 ಲಕ್ಷಗಳ ವೆಚ್ಚದಲ್ಲಿ ಸಿ.ಸಿ. ರಸ್ತೆ ಭೂಮಿ ಪೂಜೆ, ರೂ. 20.00 ಲಕ್ಷಗಳ ವೆಚ್ಚದಲ್ಲಿ ಕುಂಟೋಜಿ ರಸ್ತೆಯಲ್ಲಿ ಸಿ.ಡಿ. ನಿರ್ಮಾಣ. ನಾಗರಸಕೊಪ್ಪ ಗ್ರಾಮದಲ್ಲಿ ರೂ. 5.00 ಲಕ್ಷಗಳ ವೆಚ್ಚದಲ್ಲಿ ಮಹಾಲಕ್ಷ್ಮೀ ದೇವಸ್ಥಾನ ಹತ್ತಿರ ನಿರ್ಮಾಣ ಕಾಮಗಾರಿಯ ಭೂಮಿ ಪೂಜೆ. ನಾಗರಸಕೊಪ್ಪ ಗ್ರಾಮದಲ್ಲಿ ರೂ.40.00 ಲಕ್ಷಗಳ ವೆಚ್ಚದಲ್ಲಿ ಹಿರೇಹಳ್ಳದ ಗುಡಿ ಹತ್ತಿರ ಸಿ.ಡಿ. ನಿರ್ಮಾಣ, ವಾಟರಿಂಗ ಗ್ರಾಮದ ಎಸ್.ಸಿ. ಕಾಲೋನಿಯಲ್ಲಿ ರೂ. 15.00 ಲಕ್ಷಗಳ ವೆಚ್ಚದಲ್ಲಿ ಸಿ.ಸಿ. ರಸ್ತೆ ನಿರ್ಮಾಣ ಕಾಮಗಾರಿಯ ಭೂಮಿ ಪೂಜೆ. ಹಾಗೂ ಗೋಗೇರಿ ಗ್ರಾಮದಲ್ಲಿ ರೂ. 70.00 ಲಕ್ಷಗಳ ವೆಚ್ಚದಲ್ಲಿ ಸಿ.ಸಿ ರಸ್ತೆ ಭೂಮಿ ಪೂಜೆ, ರೂ. 20.00 ಲಕ್ಷಗಳ ವೆಚ್ಚದಲ್ಲಿ ಶ್ರೀ ಭವಾನಿ ಮಾತಾ ಸಮುದಾಯ ಭವನ ಕಟ್ಟಡ ನಿರ್ಮಾಣ ಕಾಮಗಾರಿಯ ಭೂಮಿ ಪೂಜೆ, ರೂ. 8 ಲಕ್ಷಗಳ ವೆಚ್ಚದಲ್ಲಿ ನಿರ್ಮಾಣಗೊಂಡ ಸರಕಾರಿ ಪ್ರೌಢ ಶಾಲೆಯ ಕೊಠಡಿಯ ಉದ್ಘಾಟನೆ ಹಾಗೂ ರಾಜೂರ ಗ್ರಾಮದಲ್ಲಿ ರೂ. 30.00 ಲಕ್ಷಗಳ ವೆಚ್ಚದಲ್ಲಿ ಸಿ.ಸಿ. ರಸ್ತೆ ಭೂಮಿ ಪೂಜೆಗಳನ್ನು
ನೆರವೇರಿಸಲಾಯಿತು. ಈ ಸಂದರ್ಭದಲ್ಲಿ ನರೇಗಲ್ಲ ಬ್ಲಾಕ್ ಕಾಂಗ್ರೆಸ್ ಸಮಿತಿಯ ಅಧ್ಯಕ್ಷರಾದ ಶ್ರೀ ವೀರನಗೌಡ ಕುರುಡಗಿ, ಗಜೇಂದ್ರಗಡ ತಹಶೀಲ್ದಾರ ಕಿರಣಕುಮಾರ ಕುಲಕರ್ಣಿ, ಕೃಷಿಪತ್ತಿನ ಮುಖಂಡರುಗಳಾದ ಶ್ರೀ ಅಶೋಕ ಬಾಗಮಾರ, ಶ್ರೀ
ಶಿವರಾಜ ಘೋರ್ಪಡೆ, ಸೇರಿದಂತೆ ಬೇಣಚಮಟ್ಟಿ, ನಾಗರಸಕೊಪ್ಪ, ಹಾಲಕೆರೆ, ನಾಗರಸಕೊಪ್ಪ, ವಾಟರಿಂಗ, ಗೋಗೇರಿ, ರಾಜೂರ ಗ್ರಾಮಗಳ ಗುರುಹಿರಿಯರು, ಮುಖಂಡರು, ಕಾರ್ಯಕರ್ತರು ಉಪಸ್ಥಿತರಿದ್ದರು.
ರಾಜ್ಯಮಟ್ಟಕ್ಕೆ ಶಿಗ್ಲಿ ಎಸ್ಎಸ್ ಕೂಡ್ಲಮಠ ಶಾಲೆ ವಿದ್ಯಾರ್ಥಿಗಳು ಆಯ್ಕೆ
ಲಕ್ಷ್ಮೇಶ್ವರ: ಗದಗ ಜಿಲ್ಲಾಡಳಿತ ಗಾಂಗಂದಲ್ಲಿ ನಡೆದ ಶಾಲಾ ಶಿಕ್ಷಣ ಇಲಾಖೆ ಗದಗ ಜಿಲ್ಲಾಮಟ್ಟದ ಕ್ರೀಡಾಕೂಟದಲ್ಲಿ ಎಸ್ ಎಸ್ ಕೂಡ್ಲಮಠ ಮಾಧ್ಯಮಿಕ ಶಾಲೆಯ ಮುಖ್ಯೋಪಾಧ್ಯಾಯ ಎಲ್ ಹಳೆಗೇರಿ ಸತ್ಯಶ್ರೀ ಗೆಂಡಗೆ ಎತ್ತರದಲ್ಲಿ 44. 65 ಲ ಎಸೆದು ಪ್ರಥಮ ಸ್ಥಾನ ಪಡೆದು ಗದಗ ಜಿಲ್ಲೆಗೆ ಮತ್ತು ನಮ್ಮ ಶಾಲೆಯಲ್ಲಿ ಹೊಸ ದಾಖಲೆ ನಿರ್ಮಾಣ ಮಾಡಿದ್ದಾರೆ. ಚಕ್ರ ಎಸೆತದಲ್ಲಿ ದ್ವಿತೀಯ ಲೀಲಾಕಾ ಡಿ ಹಳ್ಳಿಕೇರಿ ಹಾಗೂ ಸರಸ್ವತಿ ಶಾಲೆಯಲ್ಲಿ ಪ್ರಥಮ ಸ್ಥಾನ ಪಡೆದಿದ್ದಾರೆ. ಅವರು ರಾಜ್ಯ ಮಟ್ಟದ ಕ್ರೀಡಾಕೂಟಕ್ಕೆ ಆಯ್ಕೆಯಾಗಿದ್ದಾರೆ. ಇವರ ಸಾಧನೆಗೆ ಶಾಲೆಯ ಎಲ್ಲಾ ಶಿಕ್ಷಕರು ಹಾಗೂ ತರಬೇತಿ ನೀಡಿದ ದೈಹಿಕ ಶಿಕ್ಷಕರಾದ ಶ್ರೀ ಕೆ
ಆರ್ ಲಮಾಣಿ ಇವರಿಗೆ ಆಡಳಿತ ಮಂಡಳಿಯ ಚೇರ್ಮನ್ನರಾದ ಶ್ರೀ ಎಸ್ ಪಿ ಬಳಿಗಾರ ವಾಯ್ಸ್ ಚೇರ್ಮನ್ನರಾದ ಶ್ರೀ ಎಸ್ ಎಸ್ ತಳವಾರ ಗೌರವ ಕಾರ್ಯದರ್ಶಿಗಳಾದ ಶ್ರೀ ಸಿ ಎಂ ರಾಗಿ ಶಾಲೆಯ ಮುಖ್ಯೋಪಾಧ್ಯಾಯ ಶ್ರೀ ಎನ್ ಟಿ ಮೆಳ್ಳಿಗಟ್ಟಿ ಶಿಕ್ಷಕರಾದ ಶ್ರೀ ಬಿ ಬಿ ಹಿತ್ತಲಮನಿ ಶ್ರೀ ಎಸ್ ಜಿ ಕೆಂಚನ್ನವರ ಶ್ರೀ ಸಿ ಎ ಬೊಳ್ಳಿ ಶ್ರೀ ಎಸ್ ಐ ಹೆಬ್ಬಾಳ್ ಶ್ರೀ ಸಿ ಜೆ ಇದ್ಲಿ ಬಿ ಬಳಿಗಾರ ಮಾರ್ ಹಂಪಿ ಕೇಶವ ಶ್ರೀ ಮಾರುತೆನ್ ಶ್ರೀ ಕೇಶವಮೂರ್ತಿ ಶ್ರೀ ಸಿ ಜೆ ಕೆ ಬಾರಂಬಾರ ಕಂಟ್ರೋಲರ ಇವರು ಶಾಲಾ ಅಭಿನಂದನೆ ಸಲ್ಲಿಸಿದ್ದಾರೆ.
